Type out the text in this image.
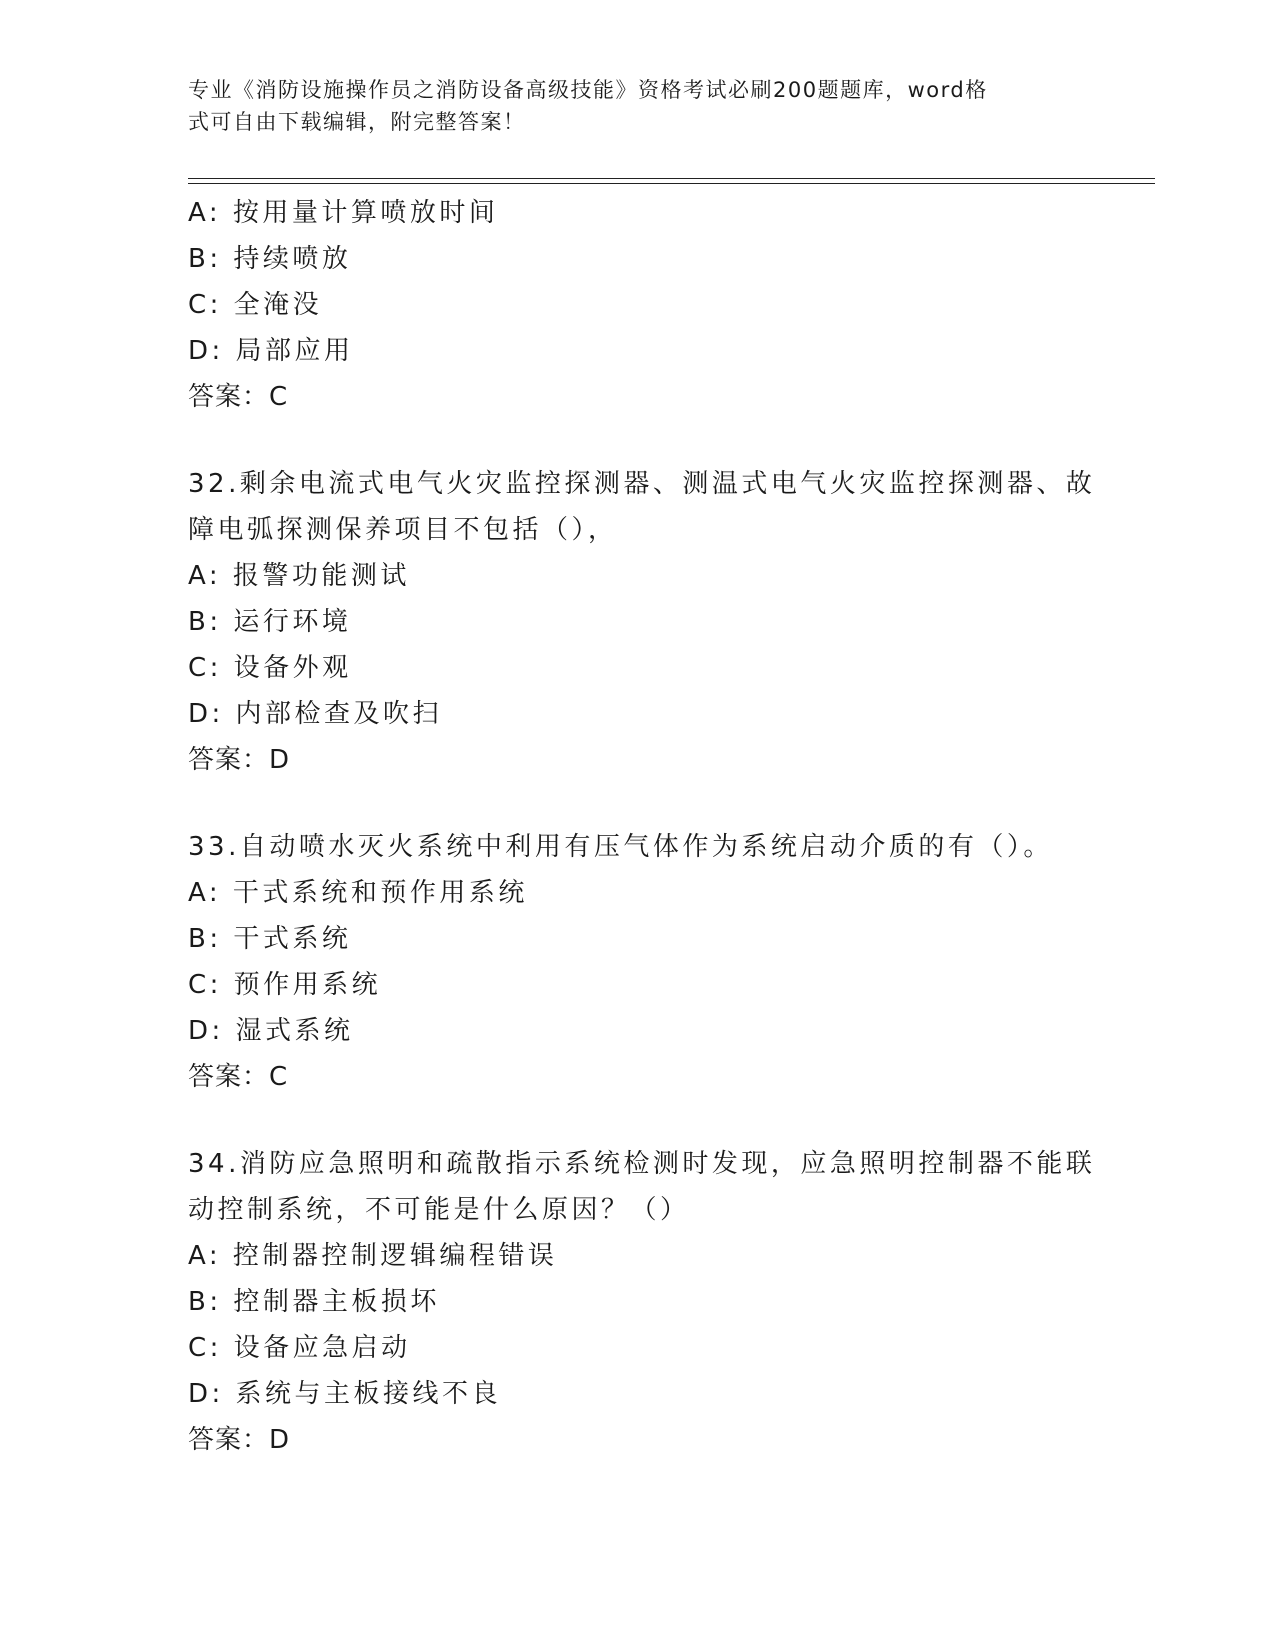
专业《消防设施操作员之消防设备高级技能》资格考试必刷200题题库，word格
式可自由下载编辑，附完整答案！
A: 按用量计算喷放时间
B: 持续喷放
C: 全淹没
D: 局部应用
答案：C
32.剩余电流式电气火灾监控探测器、测温式电气火灾监控探测器、故
障电弧探测保养项目不包括（），
A: 报警功能测试
B: 运行环境
C: 设备外观
D: 内部检查及吹扫
答案：D
33.自动喷水灭火系统中利用有压气体作为系统启动介质的有（）。
A: 干式系统和预作用系统
B: 干式系统
C: 预作用系统
D: 湿式系统
答案：C
34.消防应急照明和疏散指示系统检测时发现，应急照明控制器不能联
动控制系统，不可能是什么原因？（）
A: 控制器控制逻辑编程错误
B: 控制器主板损坏
C: 设备应急启动
D: 系统与主板接线不良
答案：D
